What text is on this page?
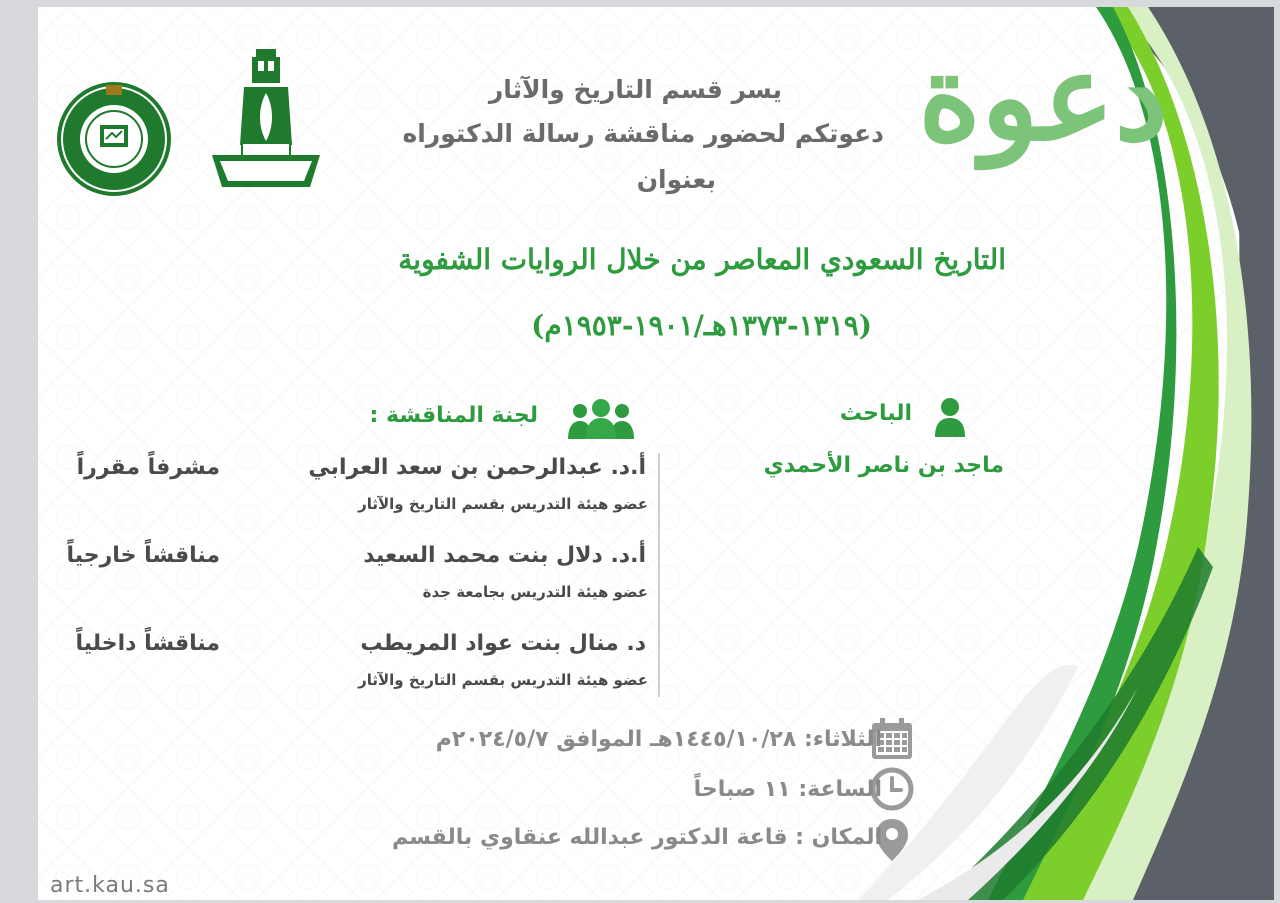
دعوة
يسر قسم التاريخ والآثار
دعوتكم لحضور مناقشة رسالة الدكتوراه
بعنوان
التاريخ السعودي المعاصر من خلال الروايات الشفوية
(١٣١٩-١٣٧٣هـ/١٩٠١-١٩٥٣م)
الباحث
ماجد بن ناصر الأحمدي
لجنة المناقشة :
أ.د. عبدالرحمن بن سعد العرابي
عضو هيئة التدريس بقسم التاريخ والآثار
مشرفاً مقرراً
أ.د. دلال بنت محمد السعيد
عضو هيئة التدريس بجامعة جدة
مناقشاً خارجياً
د. منال بنت عواد المريطب
عضو هيئة التدريس بقسم التاريخ والآثار
مناقشاً داخلياً
الثلاثاء: ١٤٤٥/١٠/٢٨هـ الموافق ٢٠٢٤/٥/٧م
الساعة: ١١ صباحاً
المكان : قاعة الدكتور عبدالله عنقاوي بالقسم
art.kau.sa
